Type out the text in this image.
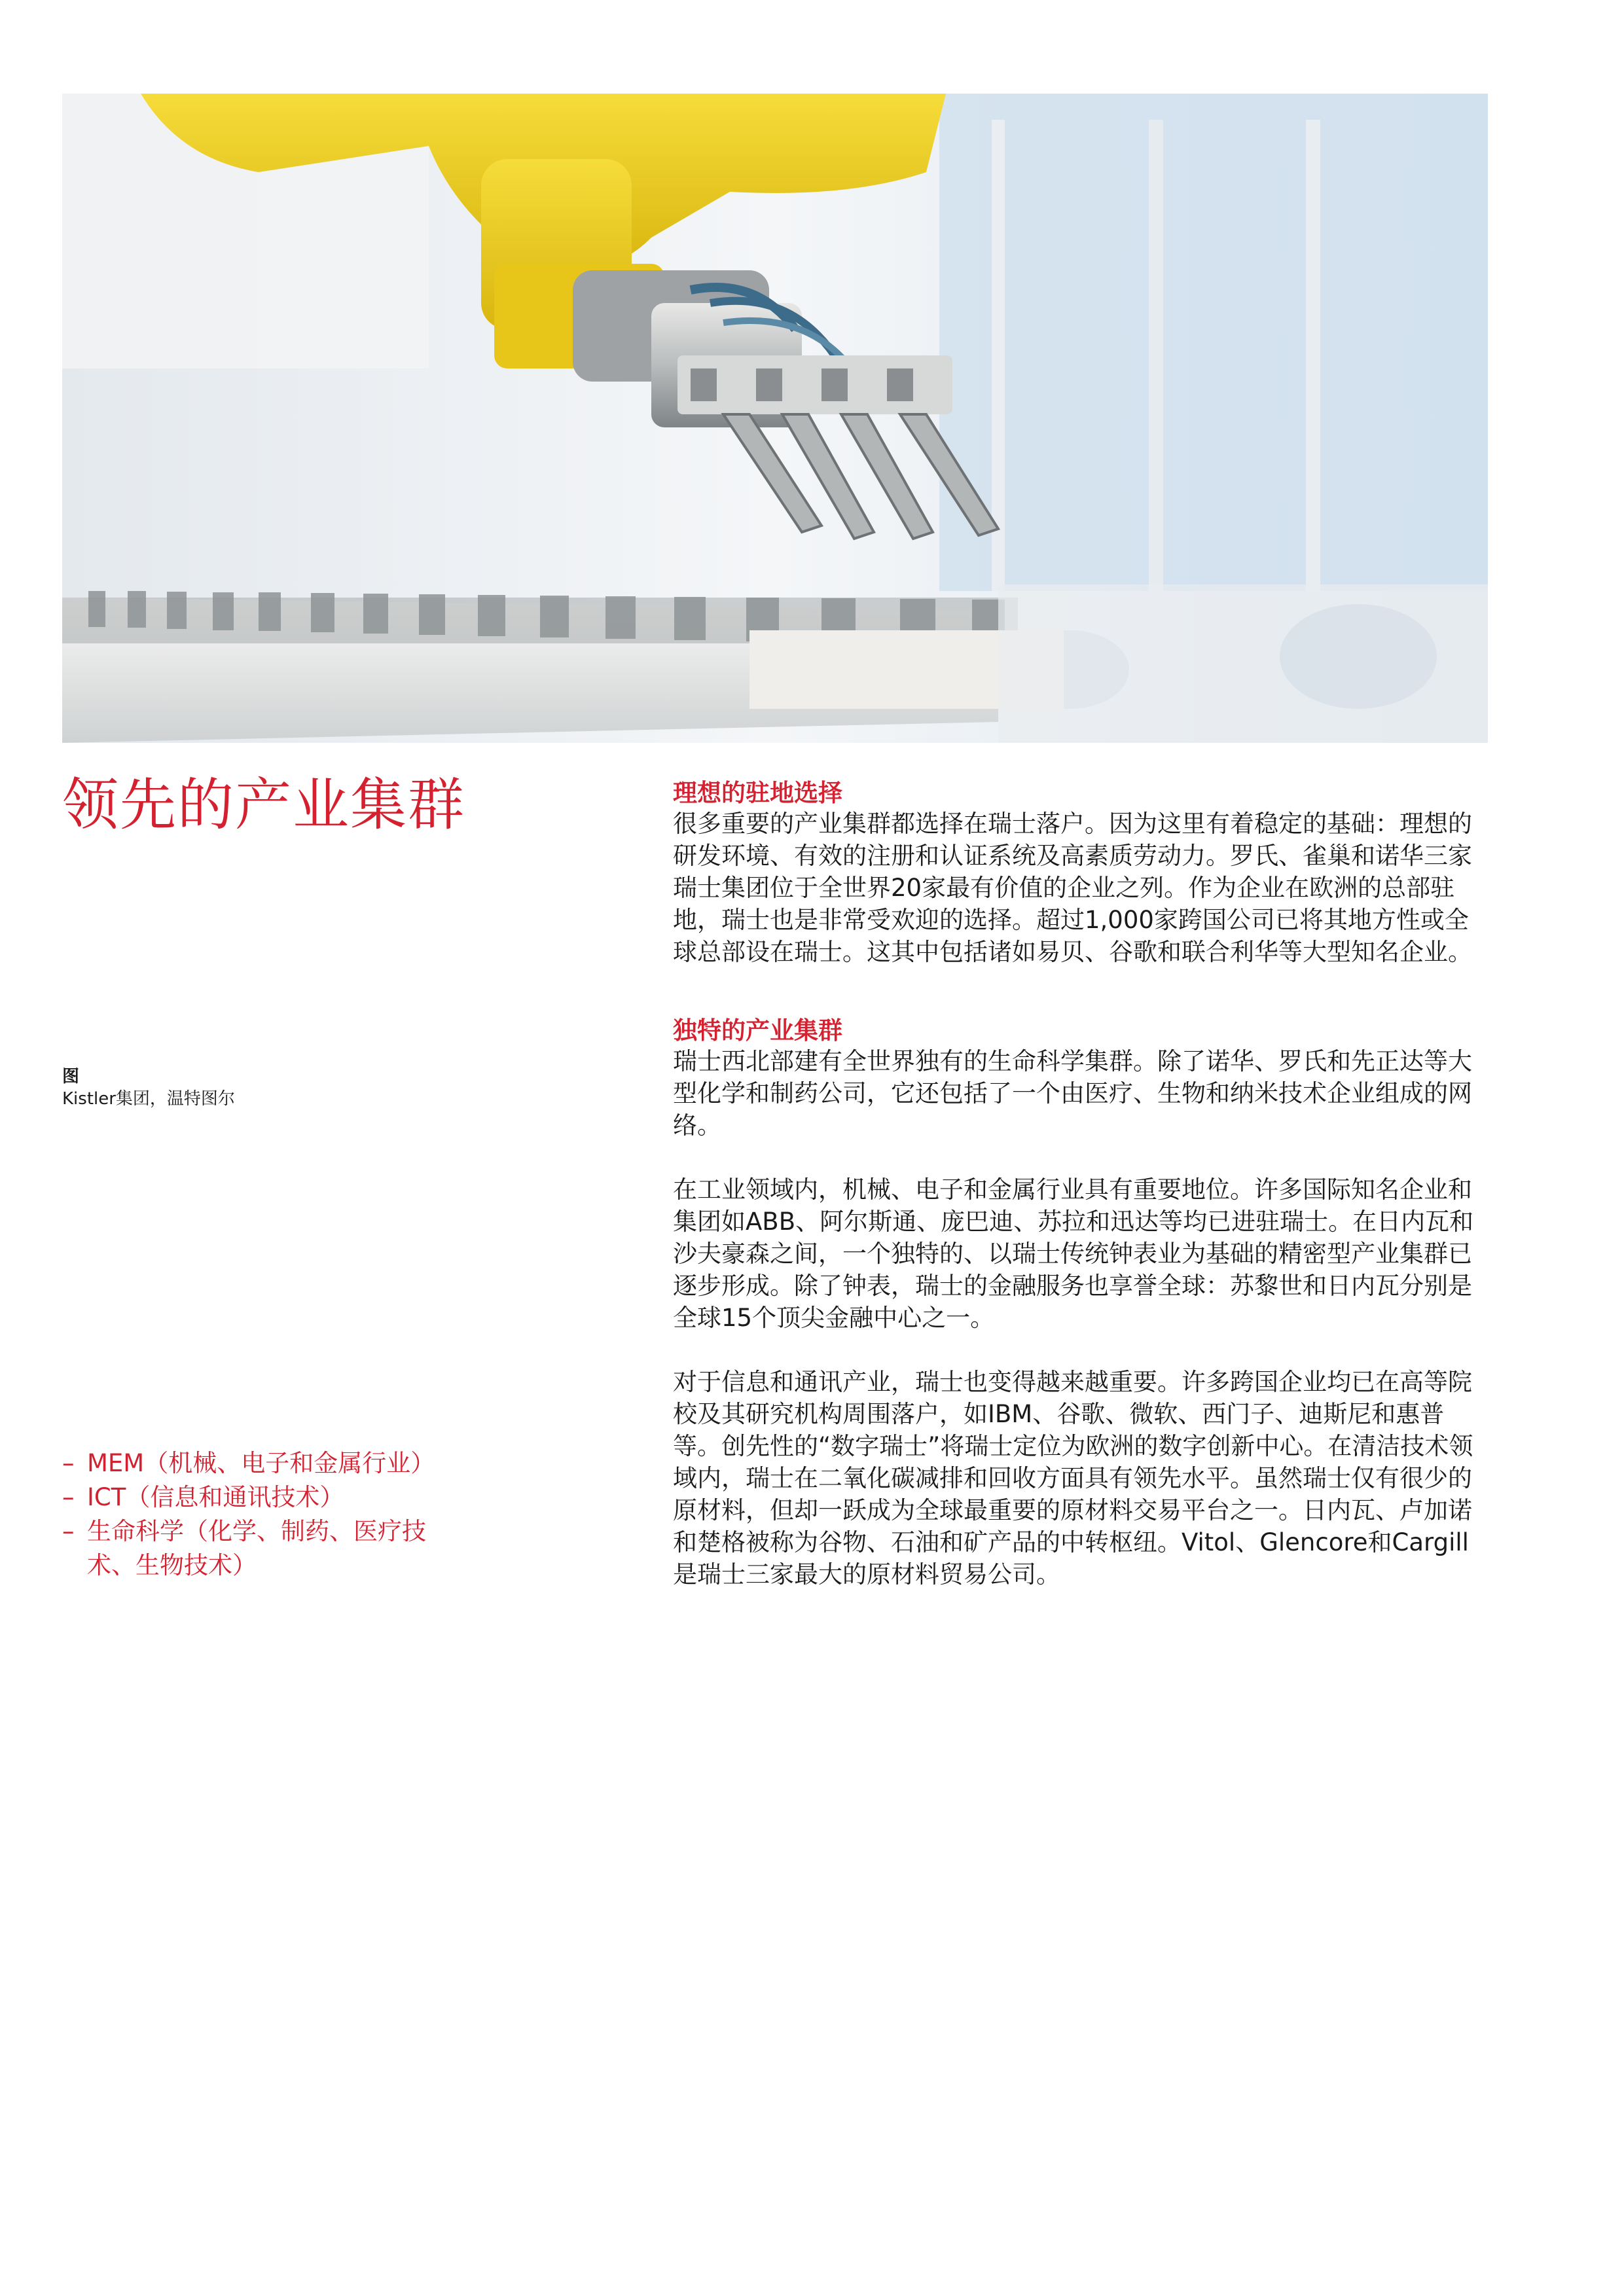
领先的产业集群
图
Kistler集团，温特图尔
– MEM（机械、电子和金属行业）
– ICT（信息和通讯技术）
– 生命科学（化学、制药、医疗技术、生物技术）
理想的驻地选择

很多重要的产业集群都选择在瑞士落户。因为这里有着稳定的基础：理想的研发环境、有效的注册和认证系统及高素质劳动力。罗氏、雀巢和诺华三家瑞士集团位于全世界20家最有价值的企业之列。作为企业在欧洲的总部驻地，瑞士也是非常受欢迎的选择。超过1,000家跨国公司已将其地方性或全球总部设在瑞士。这其中包括诸如易贝、谷歌和联合利华等大型知名企业。

独特的产业集群

瑞士西北部建有全世界独有的生命科学集群。除了诺华、罗氏和先正达等大型化学和制药公司，它还包括了一个由医疗、生物和纳米技术企业组成的网络。

在工业领域内，机械、电子和金属行业具有重要地位。许多国际知名企业和集团如ABB、阿尔斯通、庞巴迪、苏拉和迅达等均已进驻瑞士。在日内瓦和沙夫豪森之间，一个独特的、以瑞士传统钟表业为基础的精密型产业集群已逐步形成。除了钟表，瑞士的金融服务也享誉全球：苏黎世和日内瓦分别是全球15个顶尖金融中心之一。

对于信息和通讯产业，瑞士也变得越来越重要。许多跨国企业均已在高等院校及其研究机构周围落户，如IBM、谷歌、微软、西门子、迪斯尼和惠普等。创先性的“数字瑞士”将瑞士定位为欧洲的数字创新中心。在清洁技术领域内，瑞士在二氧化碳减排和回收方面具有领先水平。虽然瑞士仅有很少的原材料，但却一跃成为全球最重要的原材料交易平台之一。日内瓦、卢加诺和楚格被称为谷物、石油和矿产品的中转枢纽。Vitol、Glencore和Cargill是瑞士三家最大的原材料贸易公司。
